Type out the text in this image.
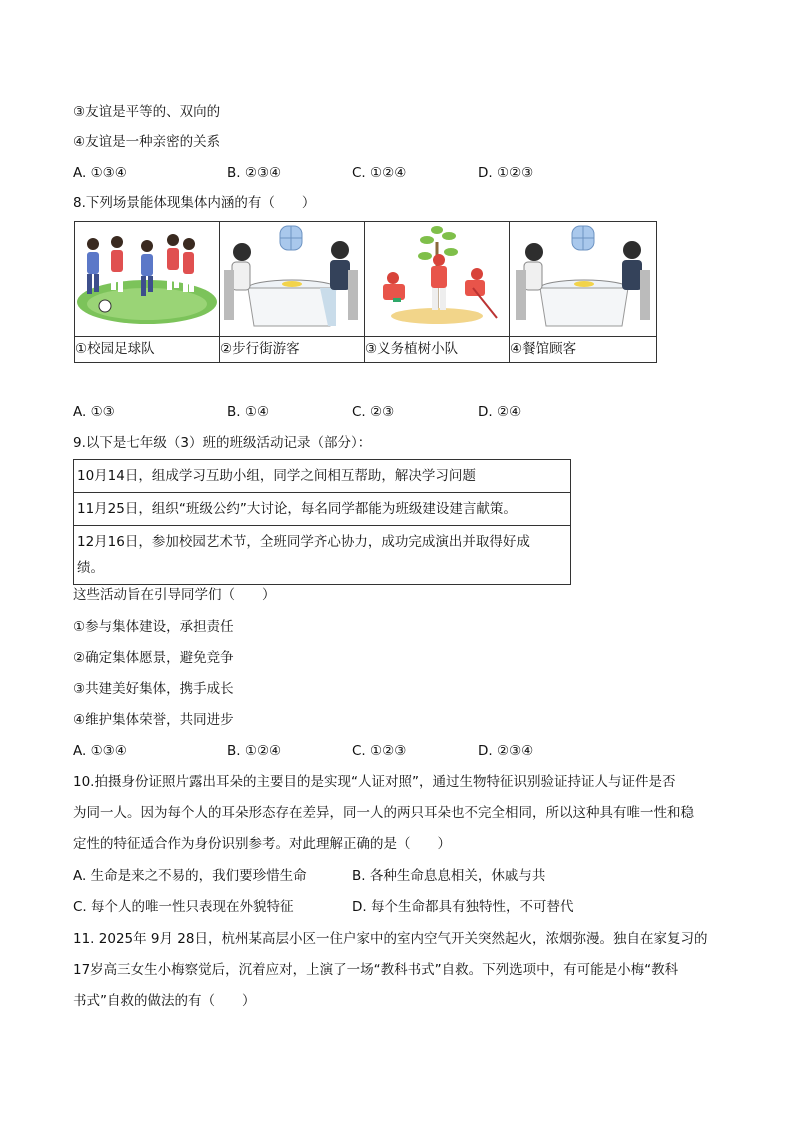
③友谊是平等的、双向的
④友谊是一种亲密的关系
A. ①③④	B. ②③④	C. ①②④	D. ①②③
8.下列场景能体现集体内涵的有（　　）

①校园足球队	②步行街游客	③义务植树小队	④餐馆顾客
A. ①③	B. ①④	C. ②③	D. ②④
9.以下是七年级（3）班的班级活动记录（部分）：
10月14日，组成学习互助小组，同学之间相互帮助，解决学习问题
11月25日，组织“班级公约”大讨论，每名同学都能为班级建设建言献策。

12月16日，参加校园艺术节，全班同学齐心协力，成功完成演出并取得好成
绩。
这些活动旨在引导同学们（　　）
①参与集体建设，承担责任
②确定集体愿景，避免竞争
③共建美好集体，携手成长
④维护集体荣誉，共同进步
A. ①③④	B. ①②④	C. ①②③	D. ②③④
10.拍摄身份证照片露出耳朵的主要目的是实现“人证对照”，通过生物特征识别验证持证人与证件是否
为同一人。因为每个人的耳朵形态存在差异，同一人的两只耳朵也不完全相同，所以这种具有唯一性和稳
定性的特征适合作为身份识别参考。对此理解正确的是（　　）
A. 生命是来之不易的，我们要珍惜生命	B. 各种生命息息相关，休戚与共
C. 每个人的唯一性只表现在外貌特征	D. 每个生命都具有独特性，不可替代
11. 2025年 9月 28日，杭州某高层小区一住户家中的室内空气开关突然起火，浓烟弥漫。独自在家复习的
17岁高三女生小梅察觉后，沉着应对，上演了一场“教科书式”自救。下列选项中，有可能是小梅“教科
书式”自救的做法的有（　　）
